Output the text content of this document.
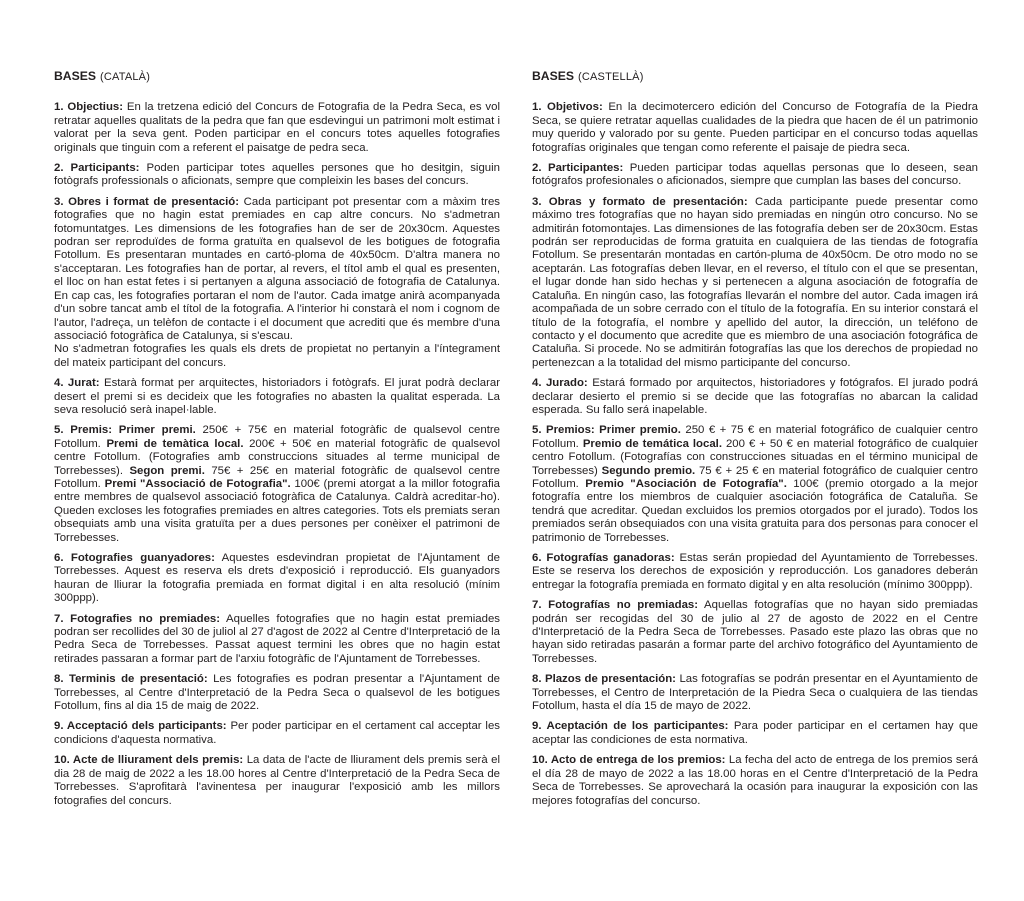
BASES (CATALÀ)

1. Objectius: En la tretzena edició del Concurs de Fotografia de la Pedra Seca, es vol retratar aquelles qualitats de la pedra que fan que esdevingui un patrimoni molt estimat i valorat per la seva gent. Poden participar en el concurs totes aquelles fotografies originals que tinguin com a referent el paisatge de pedra seca.

2. Participants: Poden participar totes aquelles persones que ho desitgin, siguin fotògrafs professionals o aficionats, sempre que compleixin les bases del concurs.

3. Obres i format de presentació: Cada participant pot presentar com a màxim tres fotografies que no hagin estat premiades en cap altre concurs. No s'admetran fotomuntatges. Les dimensions de les fotografies han de ser de 20x30cm. Aquestes podran ser reproduïdes de forma gratuïta en qualsevol de les botigues de fotografia Fotollum. Es presentaran muntades en cartó-ploma de 40x50cm. D'altra manera no s'acceptaran. Les fotografies han de portar, al revers, el títol amb el qual es presenten, el lloc on han estat fetes i si pertanyen a alguna associació de fotografia de Catalunya. En cap cas, les fotografies portaran el nom de l'autor. Cada imatge anirà acompanyada d'un sobre tancat amb el títol de la fotografia. A l'interior hi constarà el nom i cognom de l'autor, l'adreça, un telèfon de contacte i el document que acrediti que és membre d'una associació fotogràfica de Catalunya, si s'escau.
No s'admetran fotografies les quals els drets de propietat no pertanyin a l'íntegrament del mateix participant del concurs.

4. Jurat: Estarà format per arquitectes, historiadors i fotògrafs. El jurat podrà declarar desert el premi si es decideix que les fotografies no abasten la qualitat esperada. La seva resolució serà inapel·lable.

5. Premis: Primer premi. 250€ + 75€ en material fotogràfic de qualsevol centre Fotollum. Premi de temàtica local. 200€ + 50€ en material fotogràfic de qualsevol centre Fotollum. (Fotografies amb construccions situades al terme municipal de Torrebesses). Segon premi. 75€ + 25€ en material fotogràfic de qualsevol centre Fotollum. Premi "Associació de Fotografia". 100€ (premi atorgat a la millor fotografia entre membres de qualsevol associació fotogràfica de Catalunya. Caldrà acreditar-ho). Queden excloses les fotografies premiades en altres categories. Tots els premiats seran obsequiats amb una visita gratuïta per a dues persones per conèixer el patrimoni de Torrebesses.

6. Fotografies guanyadores: Aquestes esdevindran propietat de l'Ajuntament de Torrebesses. Aquest es reserva els drets d'exposició i reproducció. Els guanyadors hauran de lliurar la fotografia premiada en format digital i en alta resolució (mínim 300ppp).

7. Fotografies no premiades: Aquelles fotografies que no hagin estat premiades podran ser recollides del 30 de juliol al 27 d'agost de 2022 al Centre d'Interpretació de la Pedra Seca de Torrebesses. Passat aquest termini les obres que no hagin estat retirades passaran a formar part de l'arxiu fotogràfic de l'Ajuntament de Torrebesses.

8. Terminis de presentació: Les fotografies es podran presentar a l'Ajuntament de Torrebesses, al Centre d'Interpretació de la Pedra Seca o qualsevol de les botigues Fotollum, fins al dia 15 de maig de 2022.

9. Acceptació dels participants: Per poder participar en el certament cal acceptar les condicions d'aquesta normativa.

10. Acte de lliurament dels premis: La data de l'acte de lliurament dels premis serà el dia 28 de maig de 2022 a les 18.00 hores al Centre d'Interpretació de la Pedra Seca de Torrebesses. S'aprofitarà l'avinentesa per inaugurar l'exposició amb les millors fotografies del concurs.

BASES (CASTELLÀ)

1. Objetivos: En la decimotercero edición del Concurso de Fotografía de la Piedra Seca, se quiere retratar aquellas cualidades de la piedra que hacen de él un patrimonio muy querido y valorado por su gente. Pueden participar en el concurso todas aquellas fotografías originales que tengan como referente el paisaje de piedra seca.

2. Participantes: Pueden participar todas aquellas personas que lo deseen, sean fotógrafos profesionales o aficionados, siempre que cumplan las bases del concurso.

3. Obras y formato de presentación: Cada participante puede presentar como máximo tres fotografías que no hayan sido premiadas en ningún otro concurso. No se admitirán fotomontajes. Las dimensiones de las fotografía deben ser de 20x30cm. Estas podrán ser reproducidas de forma gratuita en cualquiera de las tiendas de fotografía Fotollum. Se presentarán montadas en cartón-pluma de 40x50cm. De otro modo no se aceptarán. Las fotografías deben llevar, en el reverso, el título con el que se presentan, el lugar donde han sido hechas y si pertenecen a alguna asociación de fotografía de Cataluña. En ningún caso, las fotografías llevarán el nombre del autor. Cada imagen irá acompañada de un sobre cerrado con el título de la fotografía. En su interior constará el título de la fotografía, el nombre y apellido del autor, la dirección, un teléfono de contacto y el documento que acredite que es miembro de una asociación fotográfica de Cataluña. Si procede. No se admitirán fotografías las que los derechos de propiedad no pertenezcan a la totalidad del mismo participante del concurso.

4. Jurado: Estará formado por arquitectos, historiadores y fotógrafos. El jurado podrá declarar desierto el premio si se decide que las fotografías no abarcan la calidad esperada. Su fallo será inapelable.

5. Premios: Primer premio. 250 € + 75 € en material fotográfico de cualquier centro Fotollum. Premio de temática local. 200 € + 50 € en material fotográfico de cualquier centro Fotollum. (Fotografías con construcciones situadas en el término municipal de Torrebesses) Segundo premio. 75 € + 25 € en material fotográfico de cualquier centro Fotollum. Premio "Asociación de Fotografía". 100€ (premio otorgado a la mejor fotografía entre los miembros de cualquier asociación fotográfica de Cataluña. Se tendrá que acreditar. Quedan excluidos los premios otorgados por el jurado). Todos los premiados serán obsequiados con una visita gratuita para dos personas para conocer el patrimonio de Torrebesses.

6. Fotografías ganadoras: Estas serán propiedad del Ayuntamiento de Torrebesses. Este se reserva los derechos de exposición y reproducción. Los ganadores deberán entregar la fotografía premiada en formato digital y en alta resolución (mínimo 300ppp).

7. Fotografías no premiadas: Aquellas fotografías que no hayan sido premiadas podrán ser recogidas del 30 de julio al 27 de agosto de 2022 en el Centre d'Interpretació de la Pedra Seca de Torrebesses. Pasado este plazo las obras que no hayan sido retiradas pasarán a formar parte del archivo fotográfico del Ayuntamiento de Torrebesses.

8. Plazos de presentación: Las fotografías se podrán presentar en el Ayuntamiento de Torrebesses, el Centro de Interpretación de la Piedra Seca o cualquiera de las tiendas Fotollum, hasta el día 15 de mayo de 2022.

9. Aceptación de los participantes: Para poder participar en el certamen hay que aceptar las condiciones de esta normativa.

10. Acto de entrega de los premios: La fecha del acto de entrega de los premios será el día 28 de mayo de 2022 a las 18.00 horas en el Centre d'Interpretació de la Pedra Seca de Torrebesses. Se aprovechará la ocasión para inaugurar la exposición con las mejores fotografías del concurso.
